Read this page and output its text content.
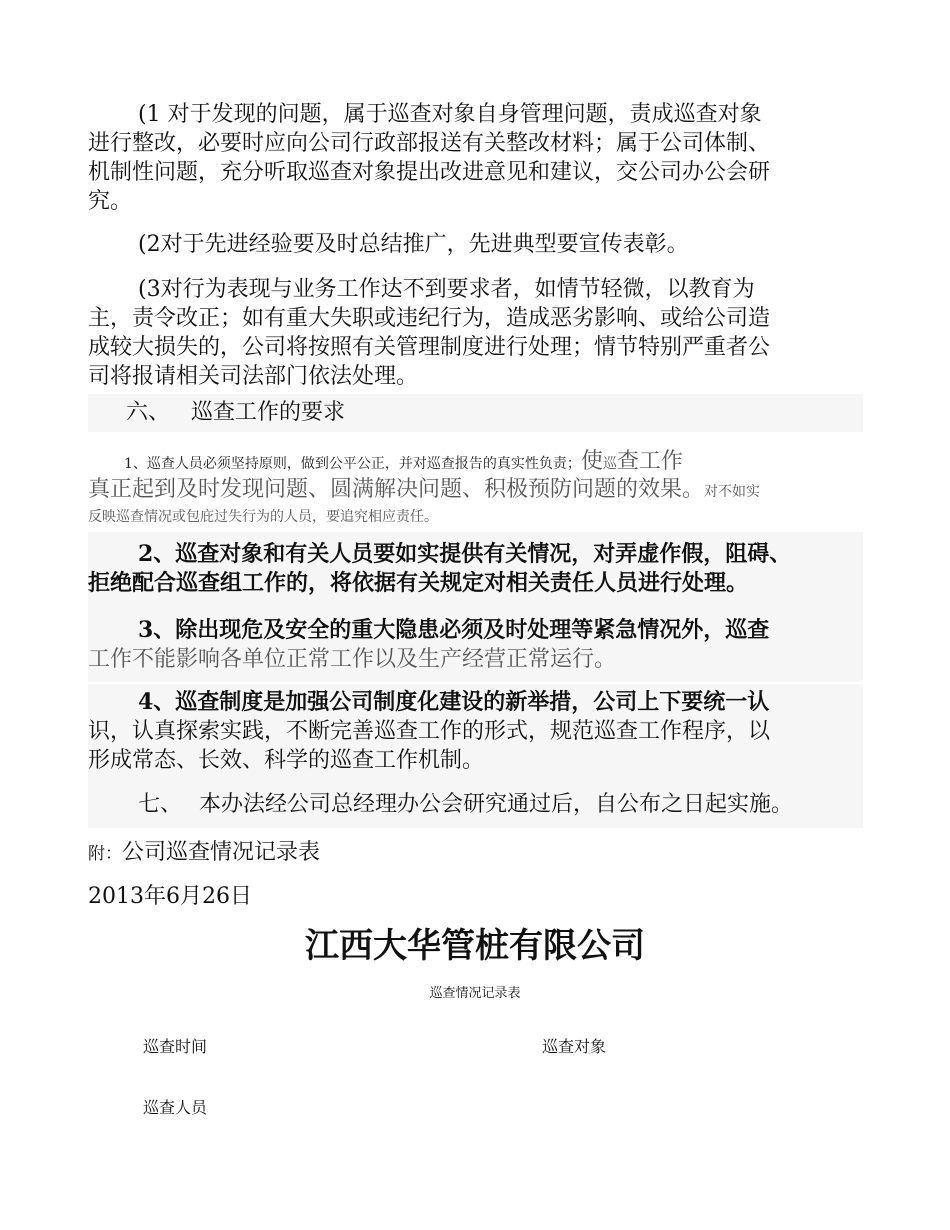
(1 对于发现的问题，属于巡查对象自身管理问题，责成巡查对象
进行整改，必要时应向公司行政部报送有关整改材料；属于公司体制、
机制性问题，充分听取巡查对象提出改进意见和建议，交公司办公会研
究。
(2对于先进经验要及时总结推广，先进典型要宣传表彰。
(3对行为表现与业务工作达不到要求者，如情节轻微，以教育为
主，责令改正；如有重大失职或违纪行为，造成恶劣影响、或给公司造
成较大损失的，公司将按照有关管理制度进行处理；情节特别严重者公
司将报请相关司法部门依法处理。
六、 巡查工作的要求
1、巡查人员必须坚持原则，做到公平公正，并对巡查报告的真实性负责；使巡查工作
真正起到及时发现问题、圆满解决问题、积极预防问题的效果。对不如实
反映巡查情况或包庇过失行为的人员，要追究相应责任。
2、巡查对象和有关人员要如实提供有关情况，对弄虚作假，阻碍、
拒绝配合巡查组工作的，将依据有关规定对相关责任人员进行处理。
3、除出现危及安全的重大隐患必须及时处理等紧急情况外，巡查
工作不能影响各单位正常工作以及生产经营正常运行。
4、巡查制度是加强公司制度化建设的新举措，公司上下要统一认
识，认真探索实践，不断完善巡查工作的形式，规范巡查工作程序，以
形成常态、长效、科学的巡查工作机制。
七、 本办法经公司总经理办公会研究通过后，自公布之日起实施。
附：公司巡查情况记录表
2013年6月26日
江西大华管桩有限公司
巡查情况记录表
巡查时间	巡查对象
巡查人员
